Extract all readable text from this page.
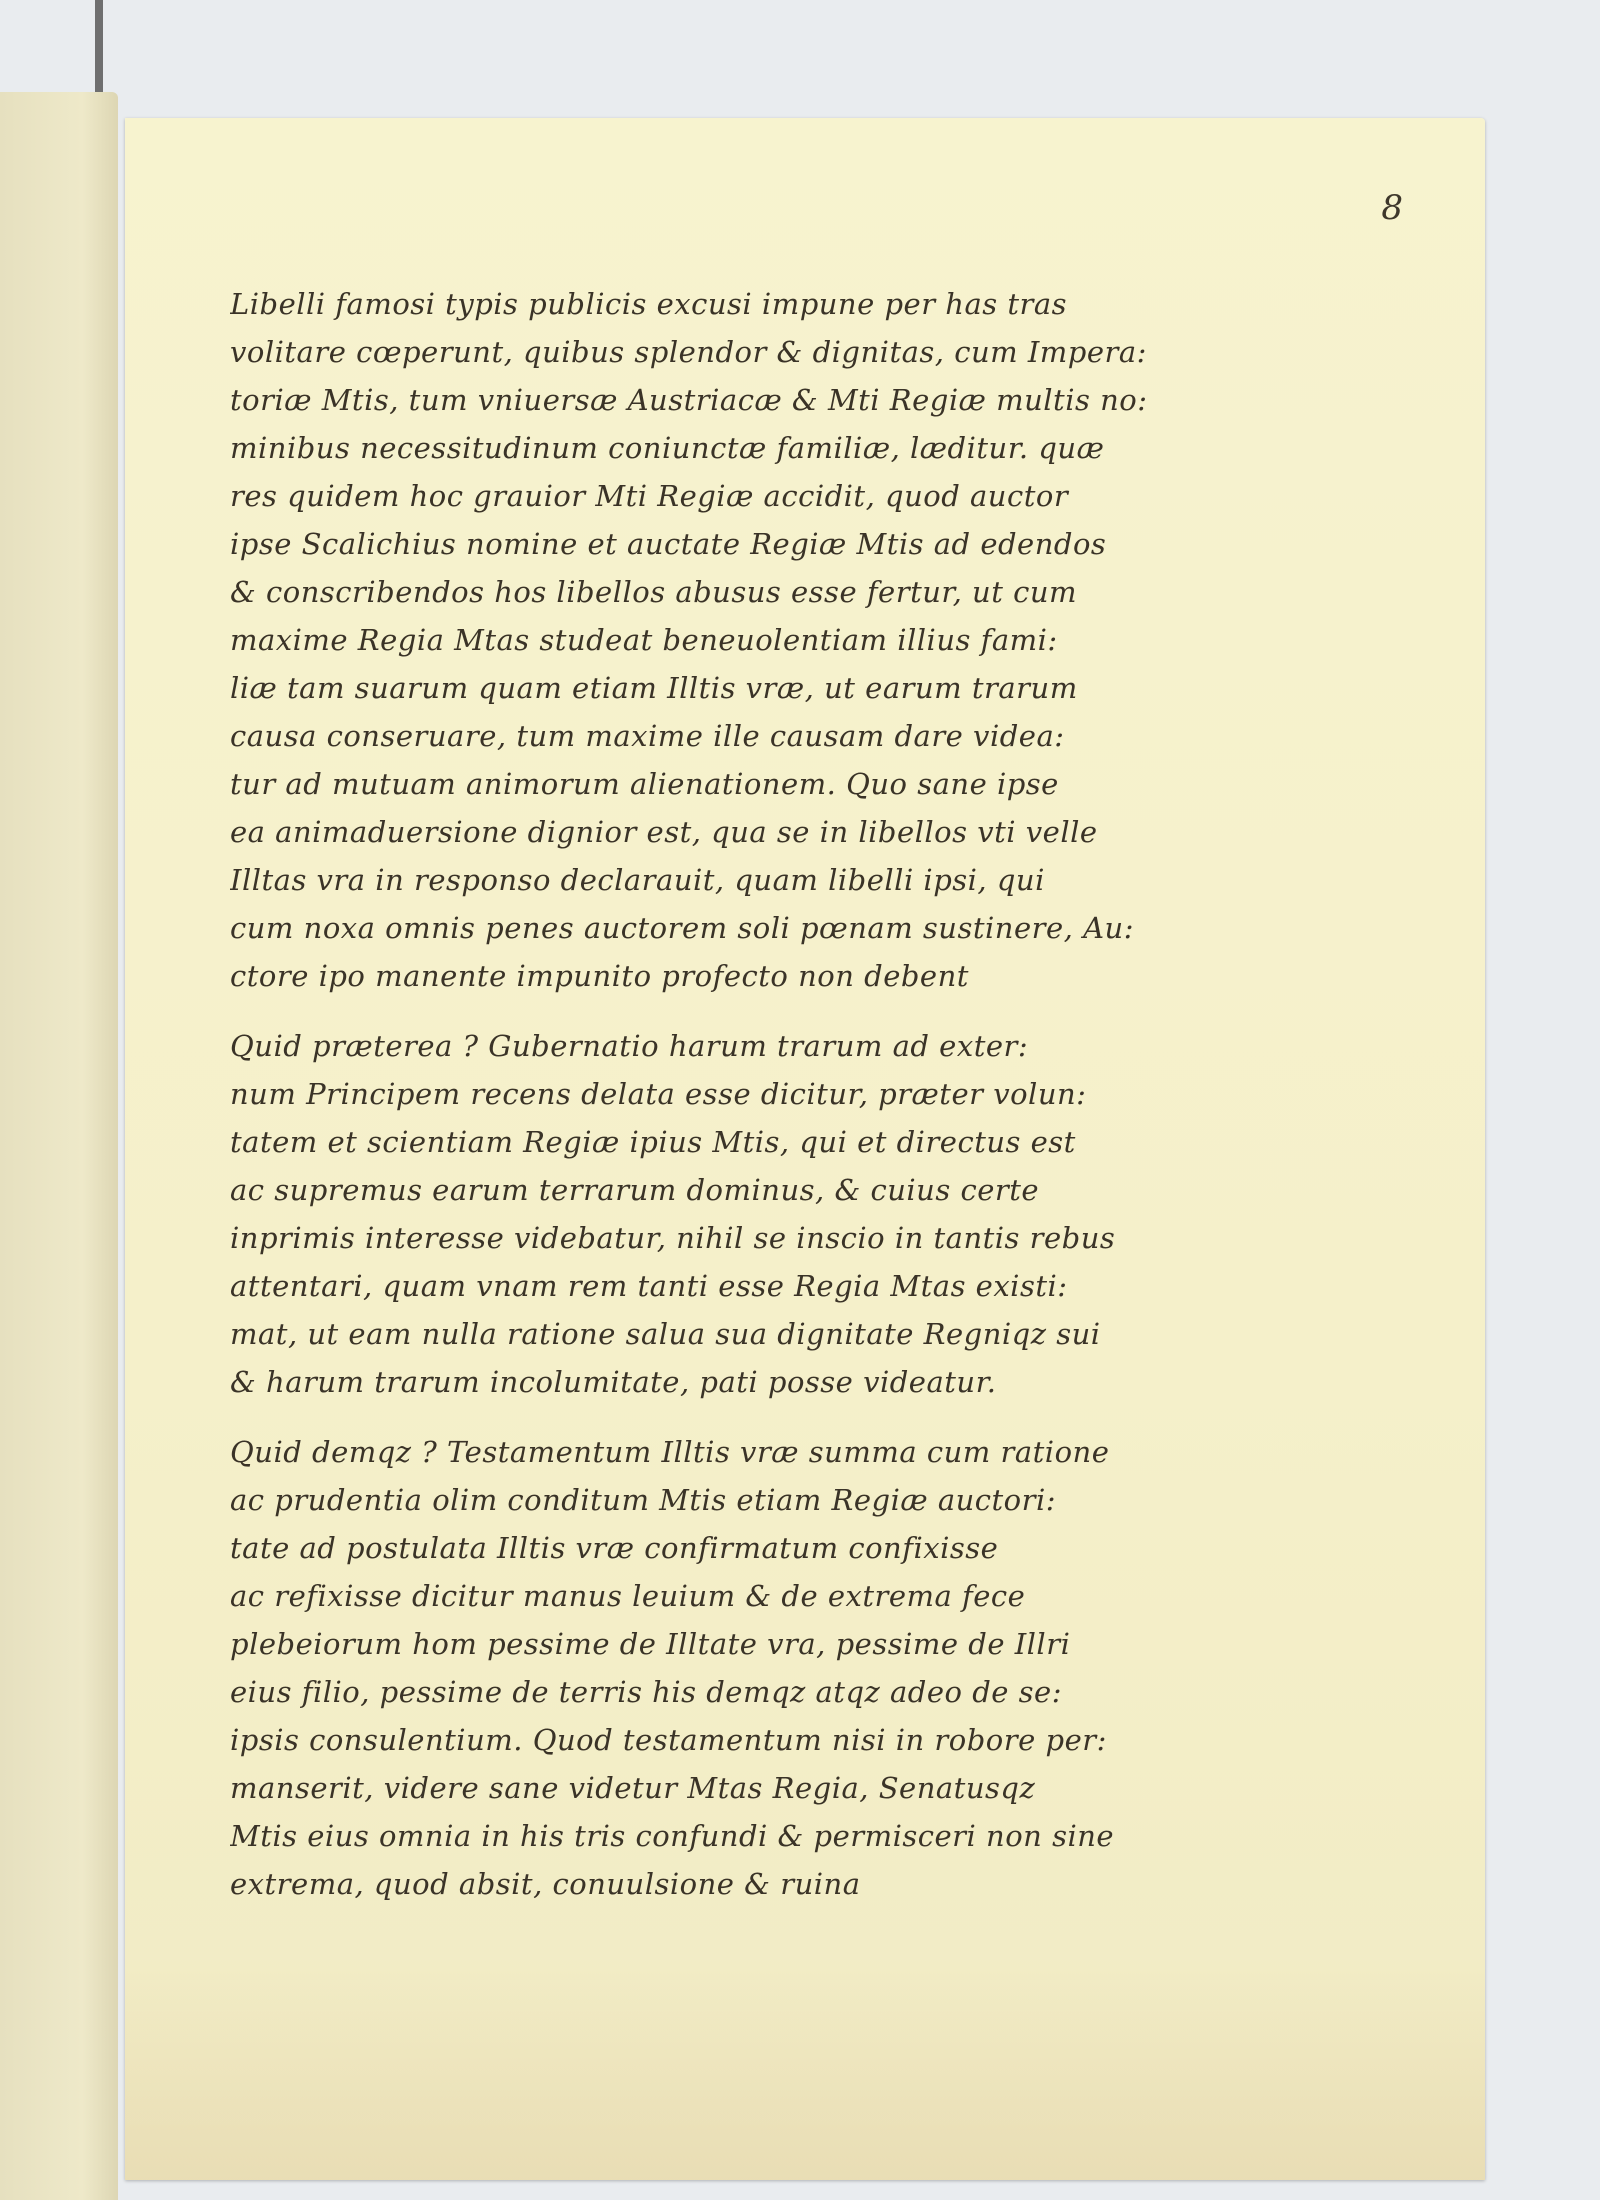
8
Libelli famosi typis publicis excusi impune per has tras
volitare cœperunt, quibus splendor & dignitas, cum Impera:
toriæ Mtis, tum vniuersæ Austriacæ & Mti Regiæ multis no:
minibus necessitudinum coniunctæ familiæ, læditur. quæ
res quidem hoc grauior Mti Regiæ accidit, quod auctor
ipse Scalichius nomine et auctate Regiæ Mtis ad edendos
& conscribendos hos libellos abusus esse fertur, ut cum
maxime Regia Mtas studeat beneuolentiam illius fami:
liæ tam suarum quam etiam Illtis vræ, ut earum trarum
causa conseruare, tum maxime ille causam dare videa:
tur ad mutuam animorum alienationem. Quo sane ipse
ea animaduersione dignior est, qua se in libellos vti velle
Illtas vra in responso declarauit, quam libelli ipsi, qui
cum noxa omnis penes auctorem soli pœnam sustinere, Au:
ctore ipo manente impunito profecto non debent
Quid præterea ? Gubernatio harum trarum ad exter:
num Principem recens delata esse dicitur, præter volun:
tatem et scientiam Regiæ ipius Mtis, qui et directus est
ac supremus earum terrarum dominus, & cuius certe
inprimis interesse videbatur, nihil se inscio in tantis rebus
attentari, quam vnam rem tanti esse Regia Mtas existi:
mat, ut eam nulla ratione salua sua dignitate Regniqz sui
& harum trarum incolumitate, pati posse videatur.
Quid demqz ? Testamentum Illtis vræ summa cum ratione
ac prudentia olim conditum Mtis etiam Regiæ auctori:
tate ad postulata Illtis vræ confirmatum confixisse
ac refixisse dicitur manus leuium & de extrema fece
plebeiorum hom pessime de Illtate vra, pessime de Illri
eius filio, pessime de terris his demqz atqz adeo de se:
ipsis consulentium. Quod testamentum nisi in robore per:
manserit, videre sane videtur Mtas Regia, Senatusqz
Mtis eius omnia in his tris confundi & permisceri non sine
extrema, quod absit, conuulsione & ruina
